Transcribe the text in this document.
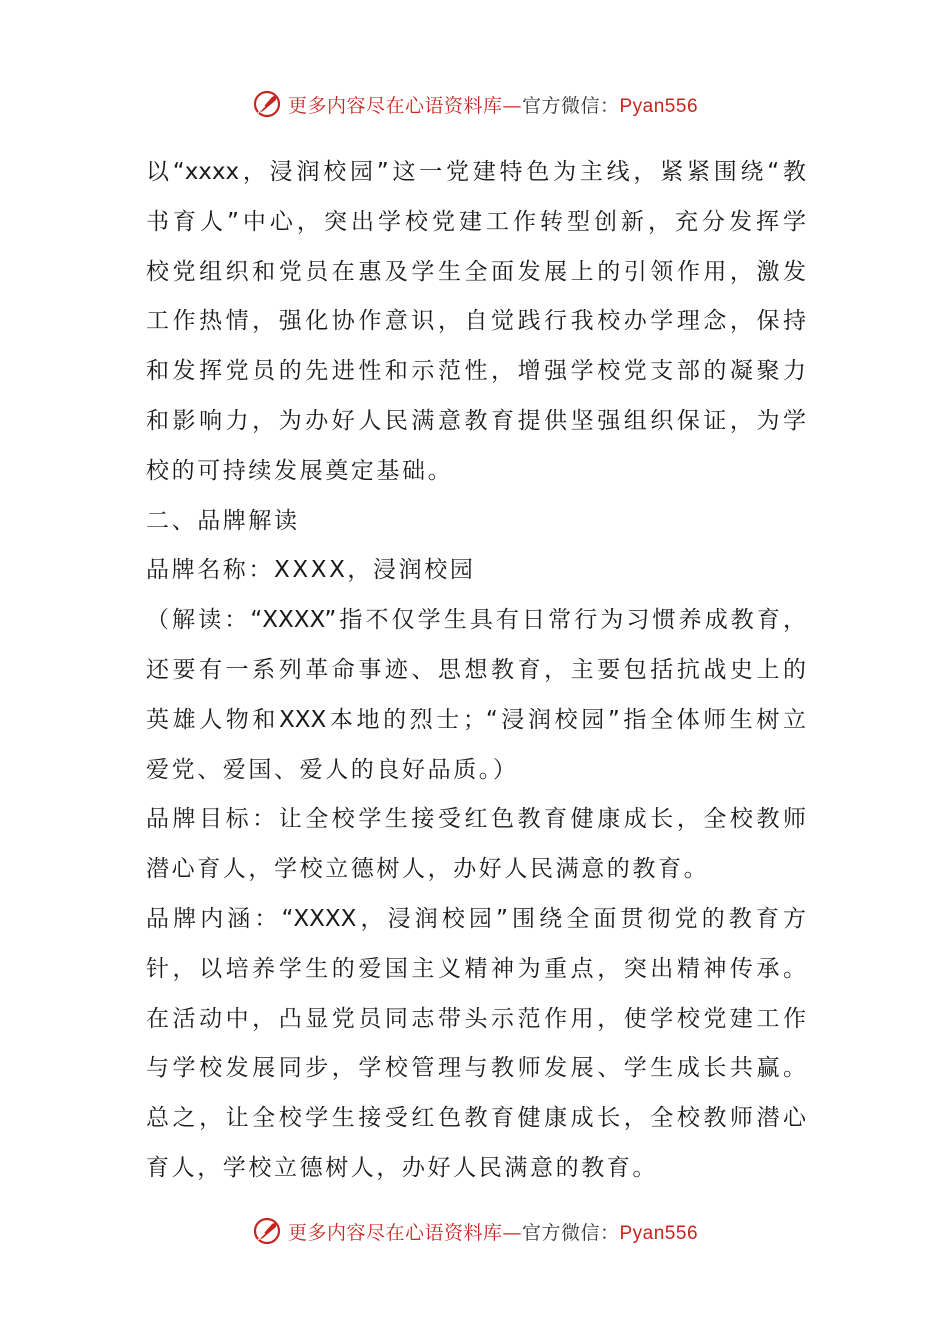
更多内容尽在心语资料库—官方微信：Pyan556
以“xxxx，浸润校园”这一党建特色为主线，紧紧围绕“教
书育人”中心，突出学校党建工作转型创新，充分发挥学
校党组织和党员在惠及学生全面发展上的引领作用，激发
工作热情，强化协作意识，自觉践行我校办学理念，保持
和发挥党员的先进性和示范性，增强学校党支部的凝聚力
和影响力，为办好人民满意教育提供坚强组织保证，为学
校的可持续发展奠定基础。
二、品牌解读
品牌名称：XXXX，浸润校园
（解读：“XXXX”指不仅学生具有日常行为习惯养成教育，
还要有一系列革命事迹、思想教育，主要包括抗战史上的
英雄人物和XXX本地的烈士；“浸润校园”指全体师生树立
爱党、爱国、爱人的良好品质。）
品牌目标：让全校学生接受红色教育健康成长，全校教师
潜心育人，学校立德树人，办好人民满意的教育。
品牌内涵：“XXXX，浸润校园”围绕全面贯彻党的教育方
针，以培养学生的爱国主义精神为重点，突出精神传承。
在活动中，凸显党员同志带头示范作用，使学校党建工作
与学校发展同步，学校管理与教师发展、学生成长共赢。
总之，让全校学生接受红色教育健康成长，全校教师潜心
育人，学校立德树人，办好人民满意的教育。
更多内容尽在心语资料库—官方微信：Pyan556
